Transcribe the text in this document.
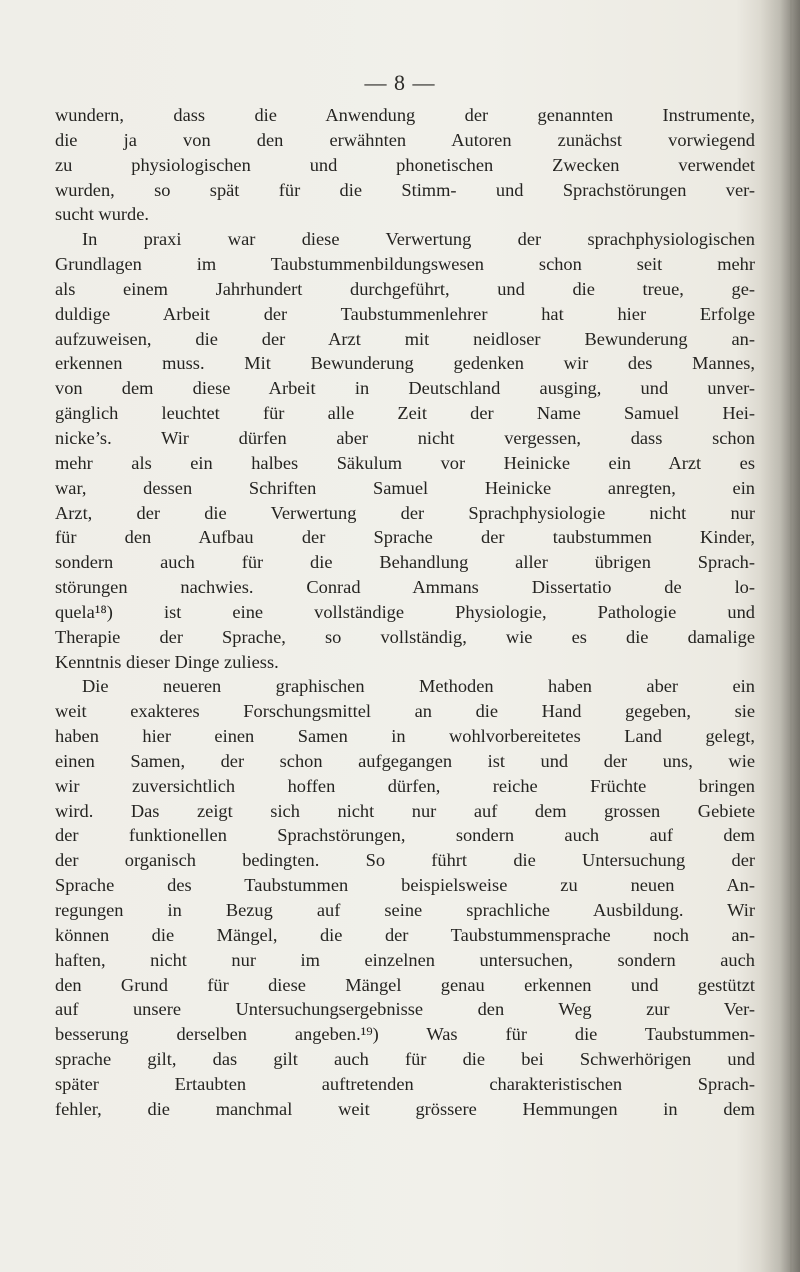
— 8 —
wundern, dass die Anwendung der genannten Instrumente,
die ja von den erwähnten Autoren zunächst vorwiegend
zu physiologischen und phonetischen Zwecken verwendet
wurden, so spät für die Stimm- und Sprachstörungen ver-
sucht wurde.
In praxi war diese Verwertung der sprachphysiologischen
Grundlagen im Taubstummenbildungswesen schon seit mehr
als einem Jahrhundert durchgeführt, und die treue, ge-
duldige Arbeit der Taubstummenlehrer hat hier Erfolge
aufzuweisen, die der Arzt mit neidloser Bewunderung an-
erkennen muss. Mit Bewunderung gedenken wir des Mannes,
von dem diese Arbeit in Deutschland ausging, und unver-
gänglich leuchtet für alle Zeit der Name Samuel Hei-
nicke’s. Wir dürfen aber nicht vergessen, dass schon
mehr als ein halbes Säkulum vor Heinicke ein Arzt es
war, dessen Schriften Samuel Heinicke anregten, ein
Arzt, der die Verwertung der Sprachphysiologie nicht nur
für den Aufbau der Sprache der taubstummen Kinder,
sondern auch für die Behandlung aller übrigen Sprach-
störungen nachwies. Conrad Ammans Dissertatio de lo-
quela¹⁸) ist eine vollständige Physiologie, Pathologie und
Therapie der Sprache, so vollständig, wie es die damalige
Kenntnis dieser Dinge zuliess.
Die neueren graphischen Methoden haben aber ein
weit exakteres Forschungsmittel an die Hand gegeben, sie
haben hier einen Samen in wohlvorbereitetes Land gelegt,
einen Samen, der schon aufgegangen ist und der uns, wie
wir zuversichtlich hoffen dürfen, reiche Früchte bringen
wird. Das zeigt sich nicht nur auf dem grossen Gebiete
der funktionellen Sprachstörungen, sondern auch auf dem
der organisch bedingten. So führt die Untersuchung der
Sprache des Taubstummen beispielsweise zu neuen An-
regungen in Bezug auf seine sprachliche Ausbildung. Wir
können die Mängel, die der Taubstummensprache noch an-
haften, nicht nur im einzelnen untersuchen, sondern auch
den Grund für diese Mängel genau erkennen und gestützt
auf unsere Untersuchungsergebnisse den Weg zur Ver-
besserung derselben angeben.¹⁹) Was für die Taubstummen-
sprache gilt, das gilt auch für die bei Schwerhörigen und
später Ertaubten auftretenden charakteristischen Sprach-
fehler, die manchmal weit grössere Hemmungen in dem
